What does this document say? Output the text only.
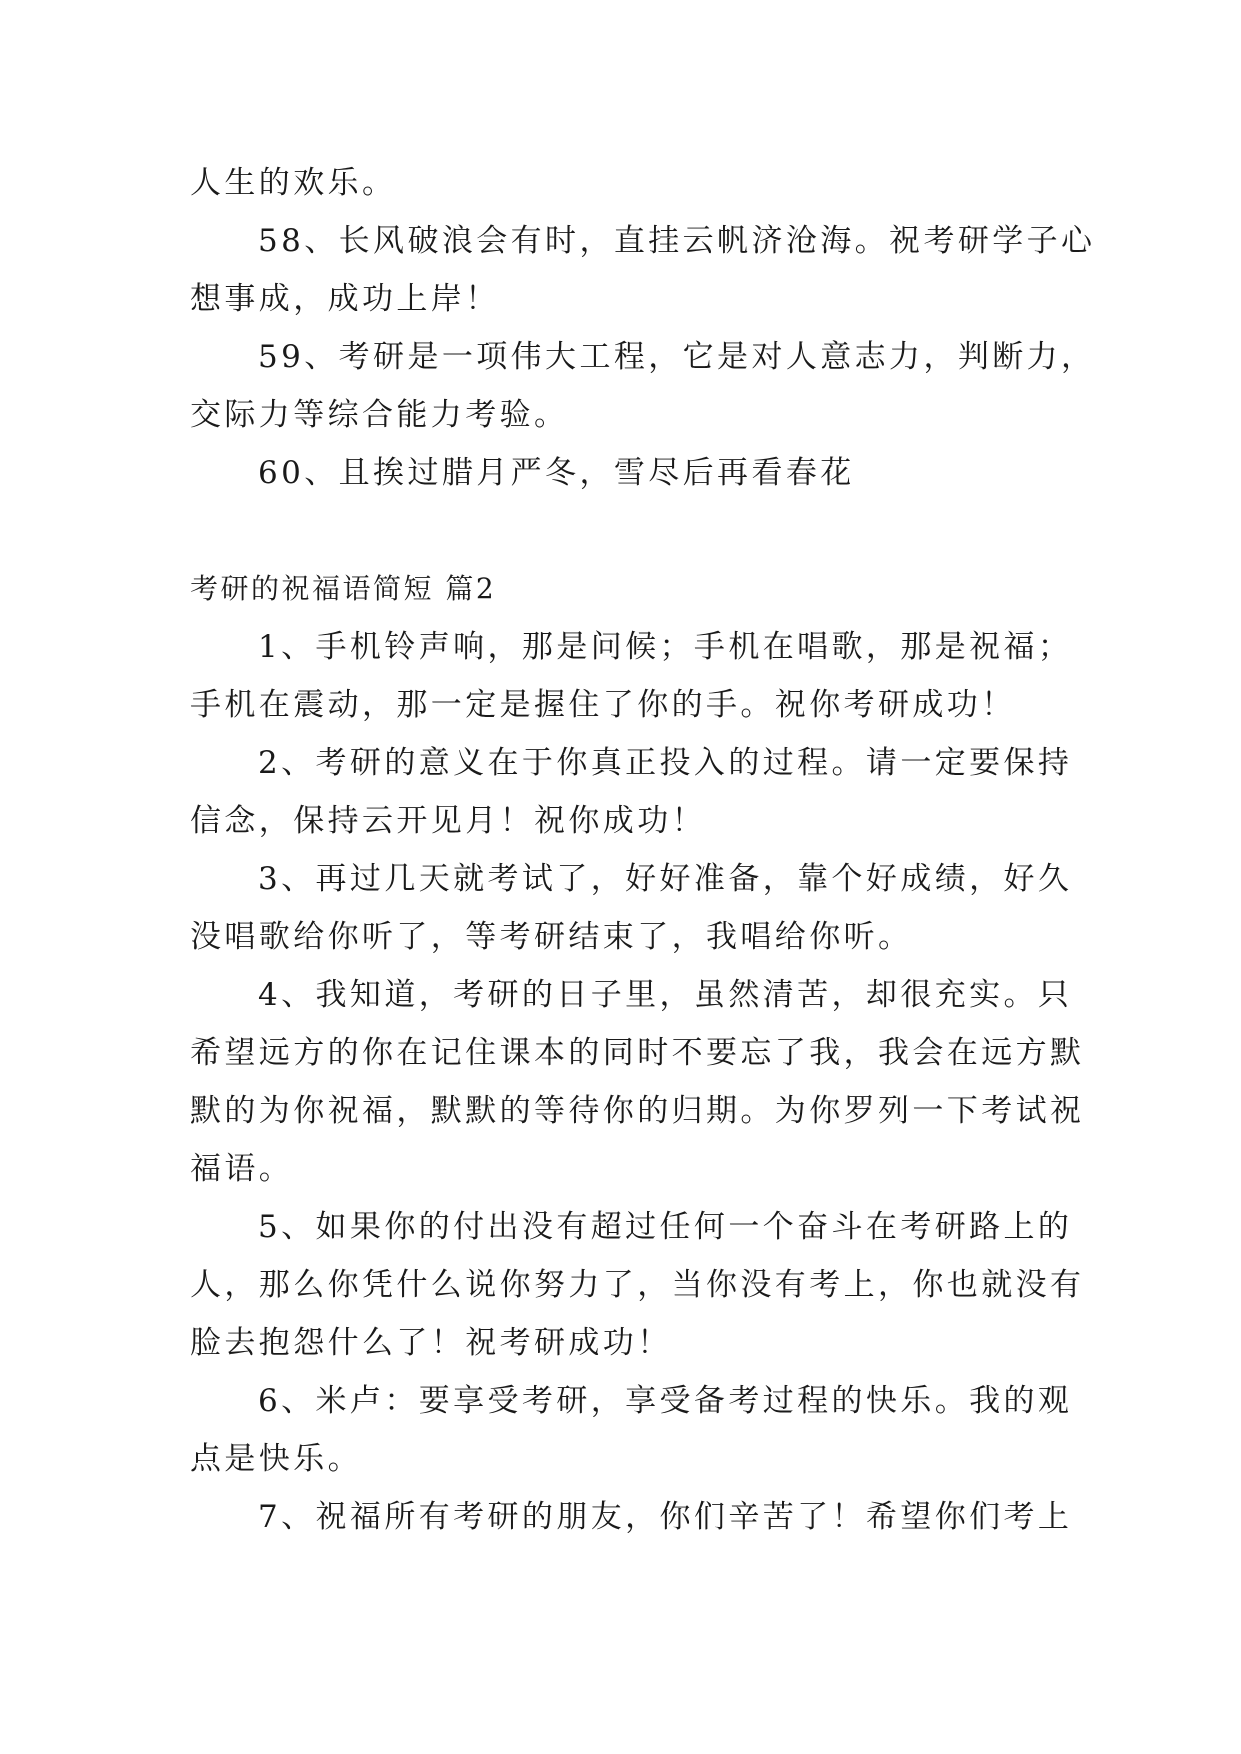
人生的欢乐。
58、长风破浪会有时，直挂云帆济沧海。祝考研学子心
想事成，成功上岸！
59、考研是一项伟大工程，它是对人意志力，判断力，
交际力等综合能力考验。
60、且挨过腊月严冬，雪尽后再看春花
考研的祝福语简短 篇2
1、手机铃声响，那是问候；手机在唱歌，那是祝福；
手机在震动，那一定是握住了你的手。祝你考研成功！
2、考研的意义在于你真正投入的过程。请一定要保持
信念，保持云开见月！祝你成功！
3、再过几天就考试了，好好准备，靠个好成绩，好久
没唱歌给你听了，等考研结束了，我唱给你听。
4、我知道，考研的日子里，虽然清苦，却很充实。只
希望远方的你在记住课本的同时不要忘了我，我会在远方默
默的为你祝福，默默的等待你的归期。为你罗列一下考试祝
福语。
5、如果你的付出没有超过任何一个奋斗在考研路上的
人，那么你凭什么说你努力了，当你没有考上，你也就没有
脸去抱怨什么了！祝考研成功！
6、米卢：要享受考研，享受备考过程的快乐。我的观
点是快乐。
7、祝福所有考研的朋友，你们辛苦了！希望你们考上
